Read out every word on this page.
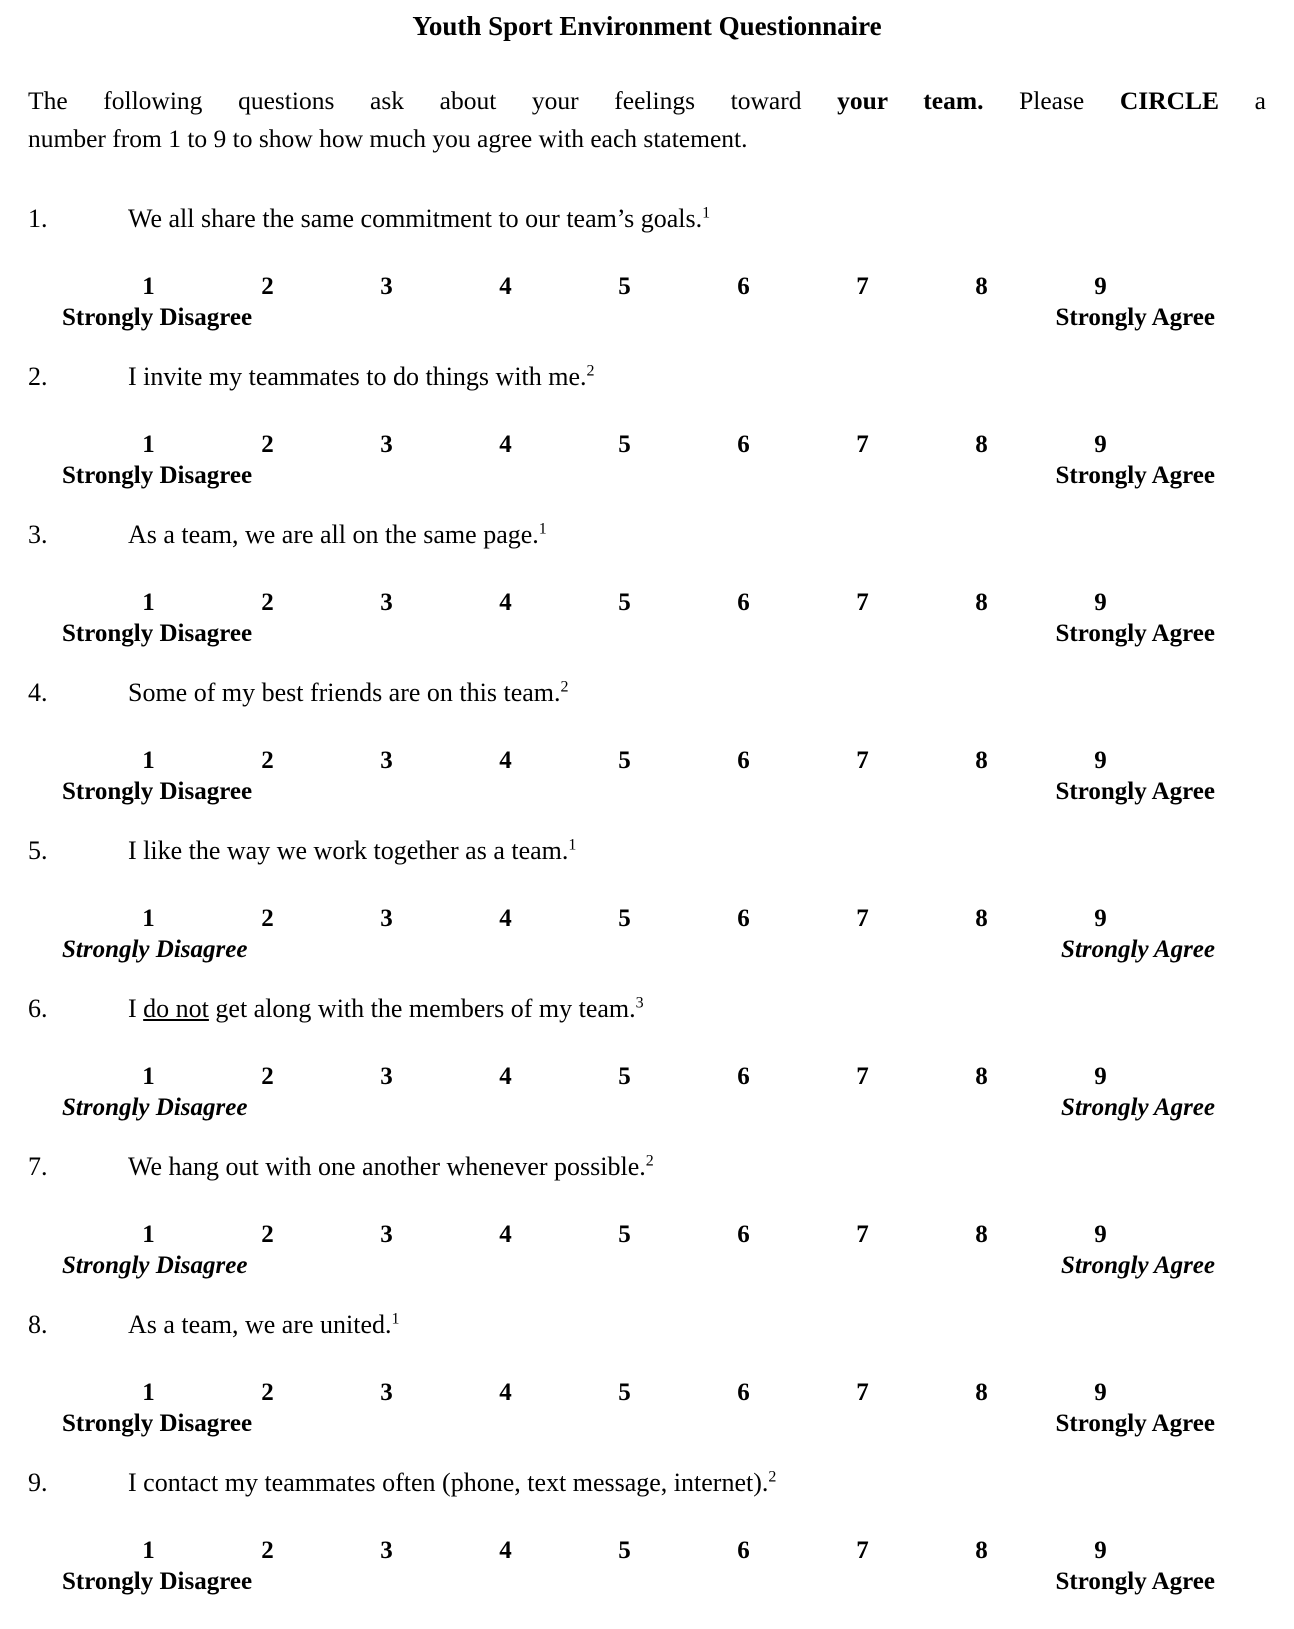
Youth Sport Environment Questionnaire

The following questions ask about your feelings toward your team. Please CIRCLE a
number from 1 to 9 to show how much you agree with each statement.

1.	We all share the same commitment to our team’s goals.$^1$
1	2	3	4	5	6	7	8	9
Strongly Disagree	Strongly Agree
2.	I invite my teammates to do things with me.$^2$
1	2	3	4	5	6	7	8	9
Strongly Disagree	Strongly Agree
3.	As a team, we are all on the same page.$^1$
1	2	3	4	5	6	7	8	9
Strongly Disagree	Strongly Agree
4.	Some of my best friends are on this team.$^2$
1	2	3	4	5	6	7	8	9
Strongly Disagree	Strongly Agree
5.	I like the way we work together as a team.$^1$
1	2	3	4	5	6	7	8	9
Strongly Disagree	Strongly Agree
6.	I do not get along with the members of my team.$^3$
1	2	3	4	5	6	7	8	9
Strongly Disagree	Strongly Agree
7.	We hang out with one another whenever possible.$^2$
1	2	3	4	5	6	7	8	9
Strongly Disagree	Strongly Agree
8.	As a team, we are united.$^1$
1	2	3	4	5	6	7	8	9
Strongly Disagree	Strongly Agree
9.	I contact my teammates often (phone, text message, internet).$^2$
1	2	3	4	5	6	7	8	9
Strongly Disagree	Strongly Agree
